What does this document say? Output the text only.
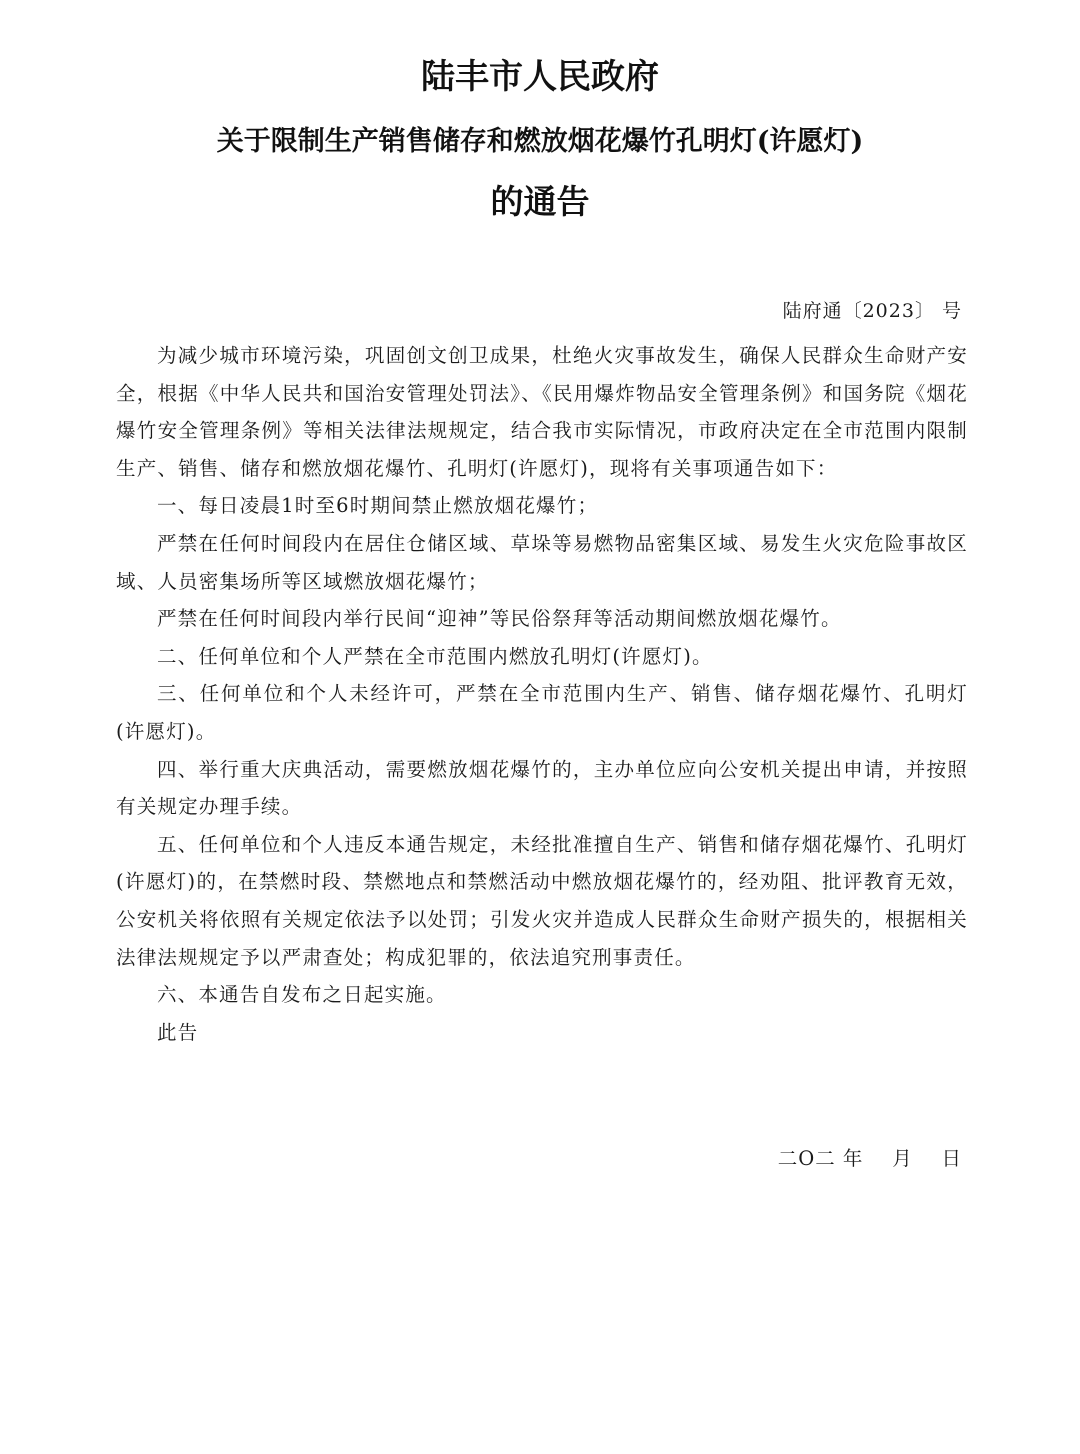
陆丰市人民政府
关于限制生产销售储存和燃放烟花爆竹孔明灯(许愿灯)
的通告
陆府通〔2023〕 号

为减少城市环境污染，巩固创文创卫成果，杜绝火灾事故发生，确保人民群众生命财产安全，根据《中华人民共和国治安管理处罚法》、《民用爆炸物品安全管理条例》和国务院《烟花爆竹安全管理条例》等相关法律法规规定，结合我市实际情况，市政府决定在全市范围内限制生产、销售、储存和燃放烟花爆竹、孔明灯(许愿灯)，现将有关事项通告如下：

一、每日凌晨1时至6时期间禁止燃放烟花爆竹；

严禁在任何时间段内在居住仓储区域、草垛等易燃物品密集区域、易发生火灾危险事故区域、人员密集场所等区域燃放烟花爆竹；

严禁在任何时间段内举行民间“迎神”等民俗祭拜等活动期间燃放烟花爆竹。

二、任何单位和个人严禁在全市范围内燃放孔明灯(许愿灯)。

三、任何单位和个人未经许可，严禁在全市范围内生产、销售、储存烟花爆竹、孔明灯(许愿灯)。

四、举行重大庆典活动，需要燃放烟花爆竹的，主办单位应向公安机关提出申请，并按照有关规定办理手续。

五、任何单位和个人违反本通告规定，未经批准擅自生产、销售和储存烟花爆竹、孔明灯(许愿灯)的，在禁燃时段、禁燃地点和禁燃活动中燃放烟花爆竹的，经劝阻、批评教育无效，公安机关将依照有关规定依法予以处罚；引发火灾并造成人民群众生命财产损失的，根据相关法律法规规定予以严肃查处；构成犯罪的，依法追究刑事责任。

六、本通告自发布之日起实施。

此告

二O二 年    月    日
